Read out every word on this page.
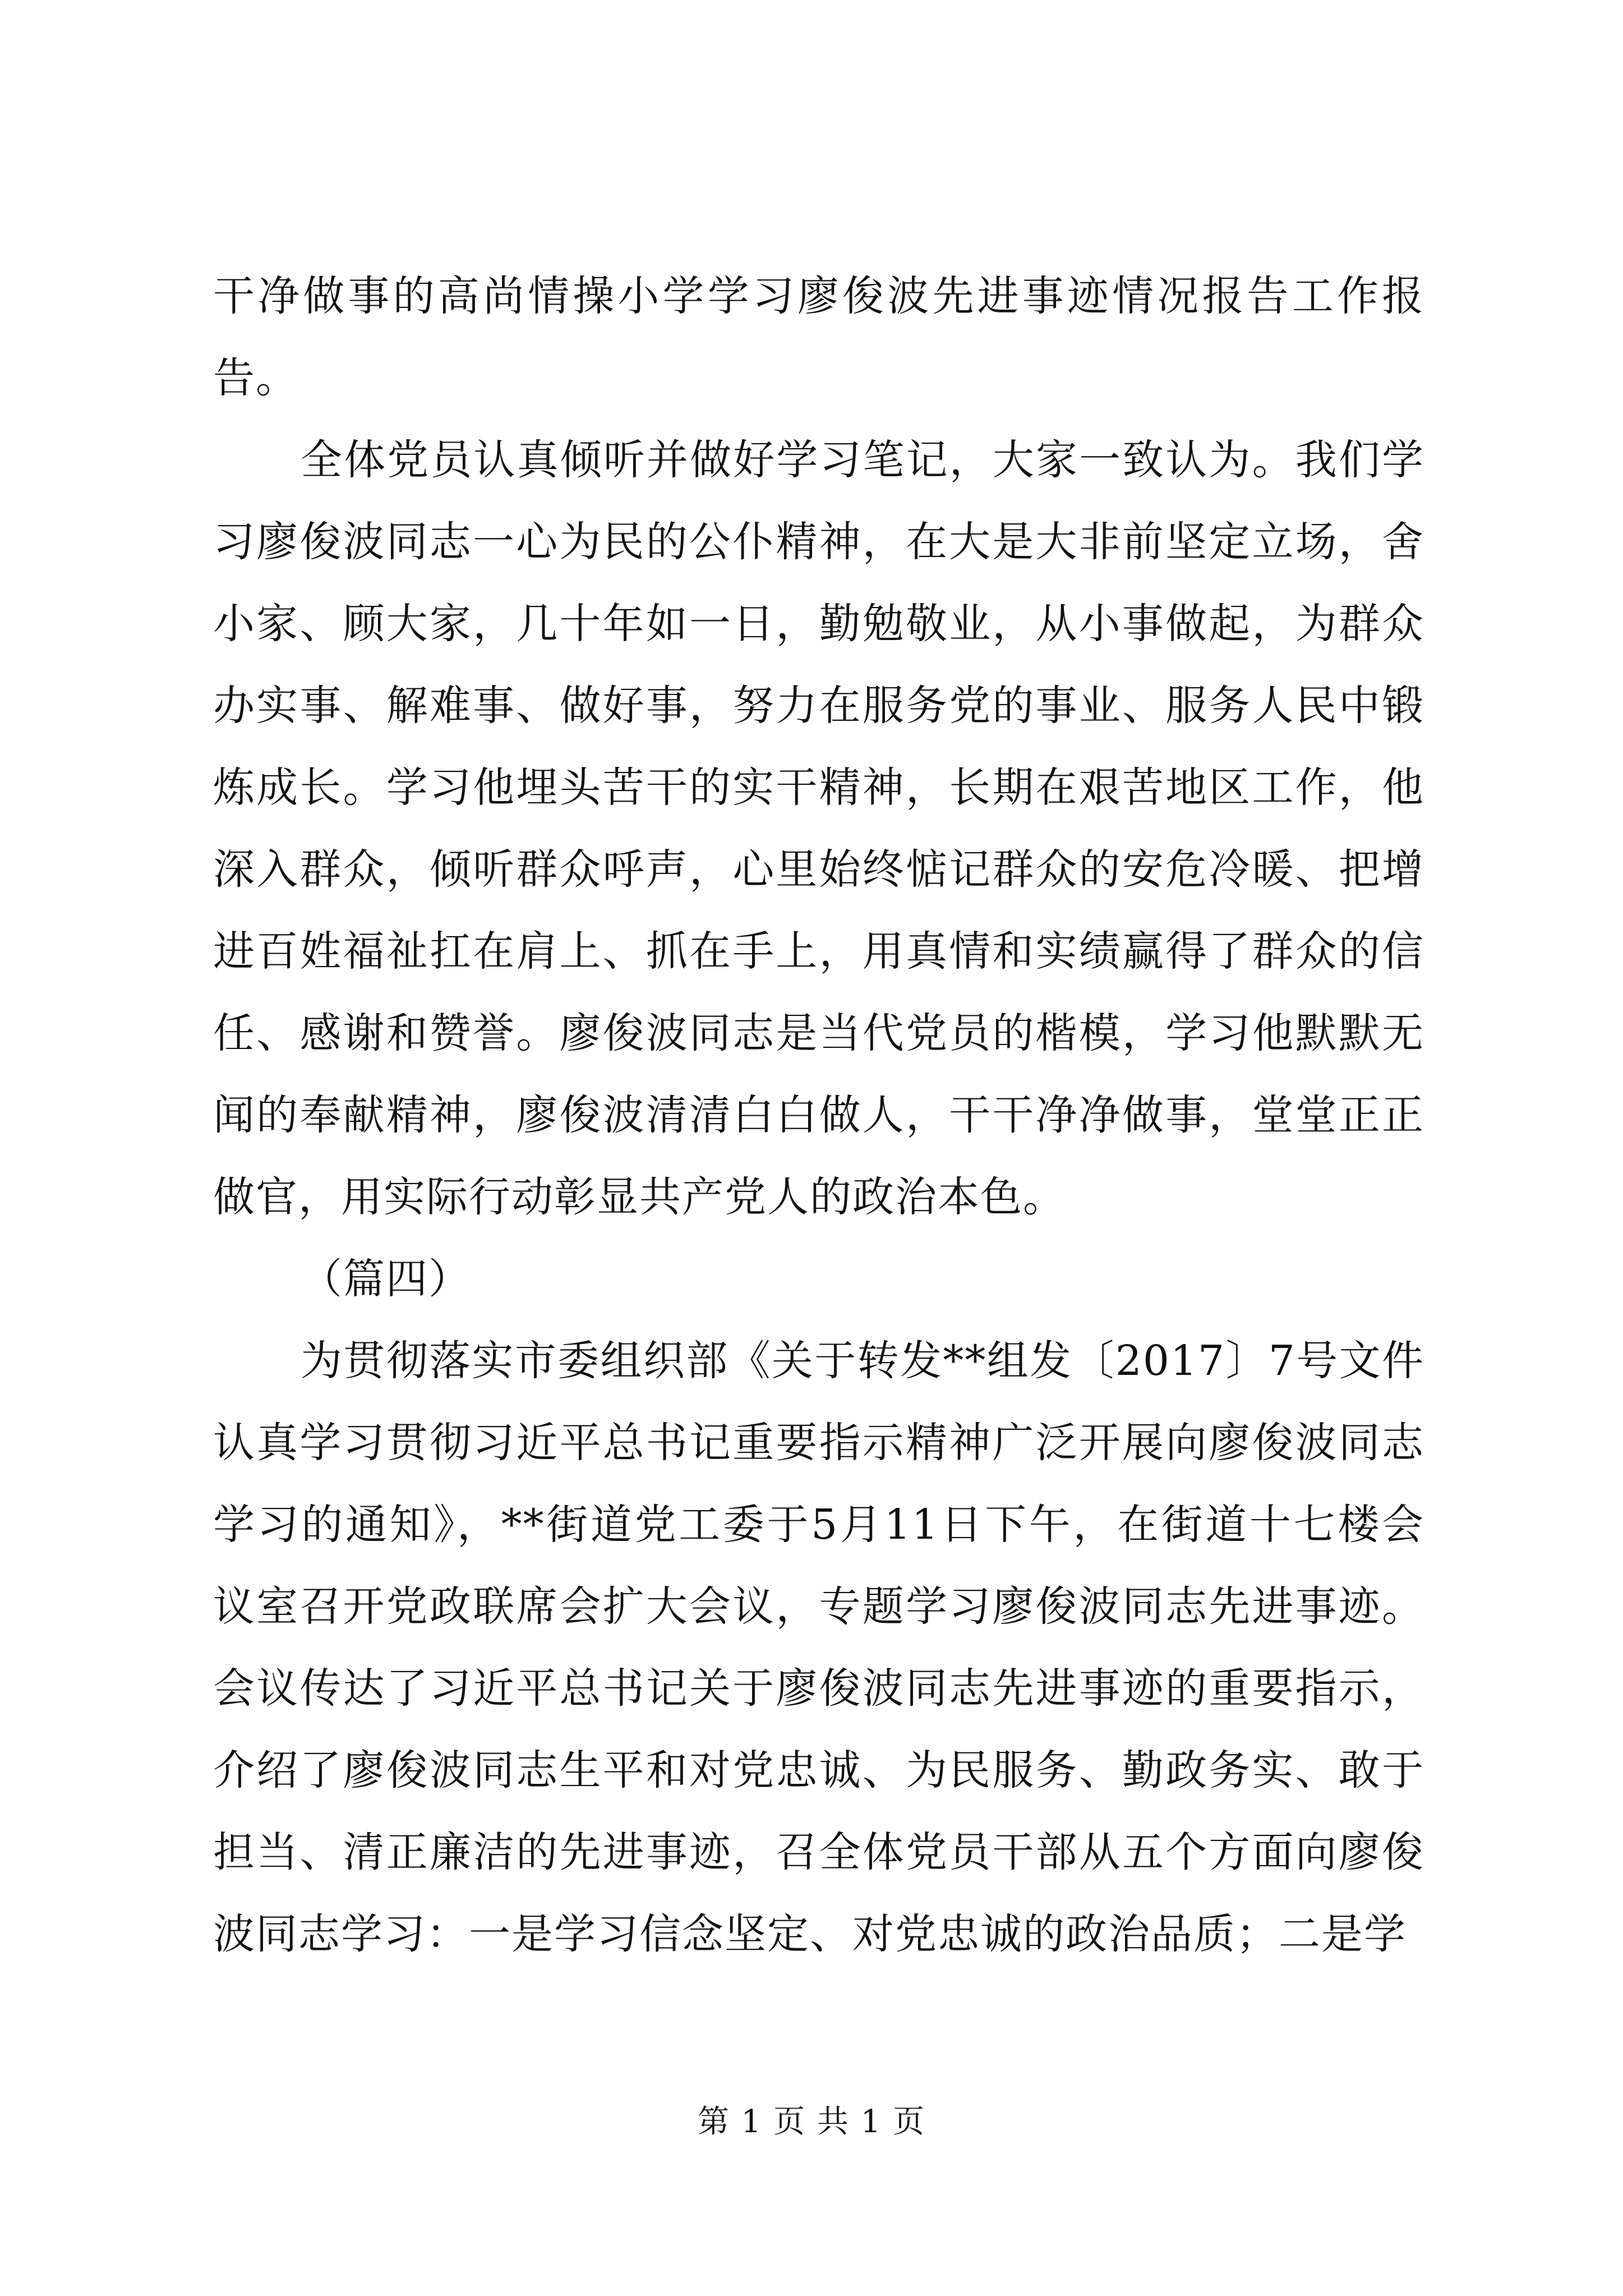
干净做事的高尚情操小学学习廖俊波先进事迹情况报告工作报告。

全体党员认真倾听并做好学习笔记，大家一致认为。我们学习廖俊波同志一心为民的公仆精神，在大是大非前坚定立场，舍小家、顾大家，几十年如一日，勤勉敬业，从小事做起，为群众办实事、解难事、做好事，努力在服务党的事业、服务人民中锻炼成长。学习他埋头苦干的实干精神，长期在艰苦地区工作，他深入群众，倾听群众呼声，心里始终惦记群众的安危冷暖、把增进百姓福祉扛在肩上、抓在手上，用真情和实绩赢得了群众的信任、感谢和赞誉。廖俊波同志是当代党员的楷模，学习他默默无闻的奉献精神，廖俊波清清白白做人，干干净净做事，堂堂正正做官，用实际行动彰显共产党人的政治本色。

（篇四）

为贯彻落实市委组织部《关于转发**组发〔2017〕7号文件认真学习贯彻习近平总书记重要指示精神广泛开展向廖俊波同志学习的通知》，**街道党工委于5月11日下午，在街道十七楼会议室召开党政联席会扩大会议，专题学习廖俊波同志先进事迹。会议传达了习近平总书记关于廖俊波同志先进事迹的重要指示，介绍了廖俊波同志生平和对党忠诚、为民服务、勤政务实、敢于担当、清正廉洁的先进事迹，召全体党员干部从五个方面向廖俊波同志学习：一是学习信念坚定、对党忠诚的政治品质；二是学

第 1 页 共 1 页
